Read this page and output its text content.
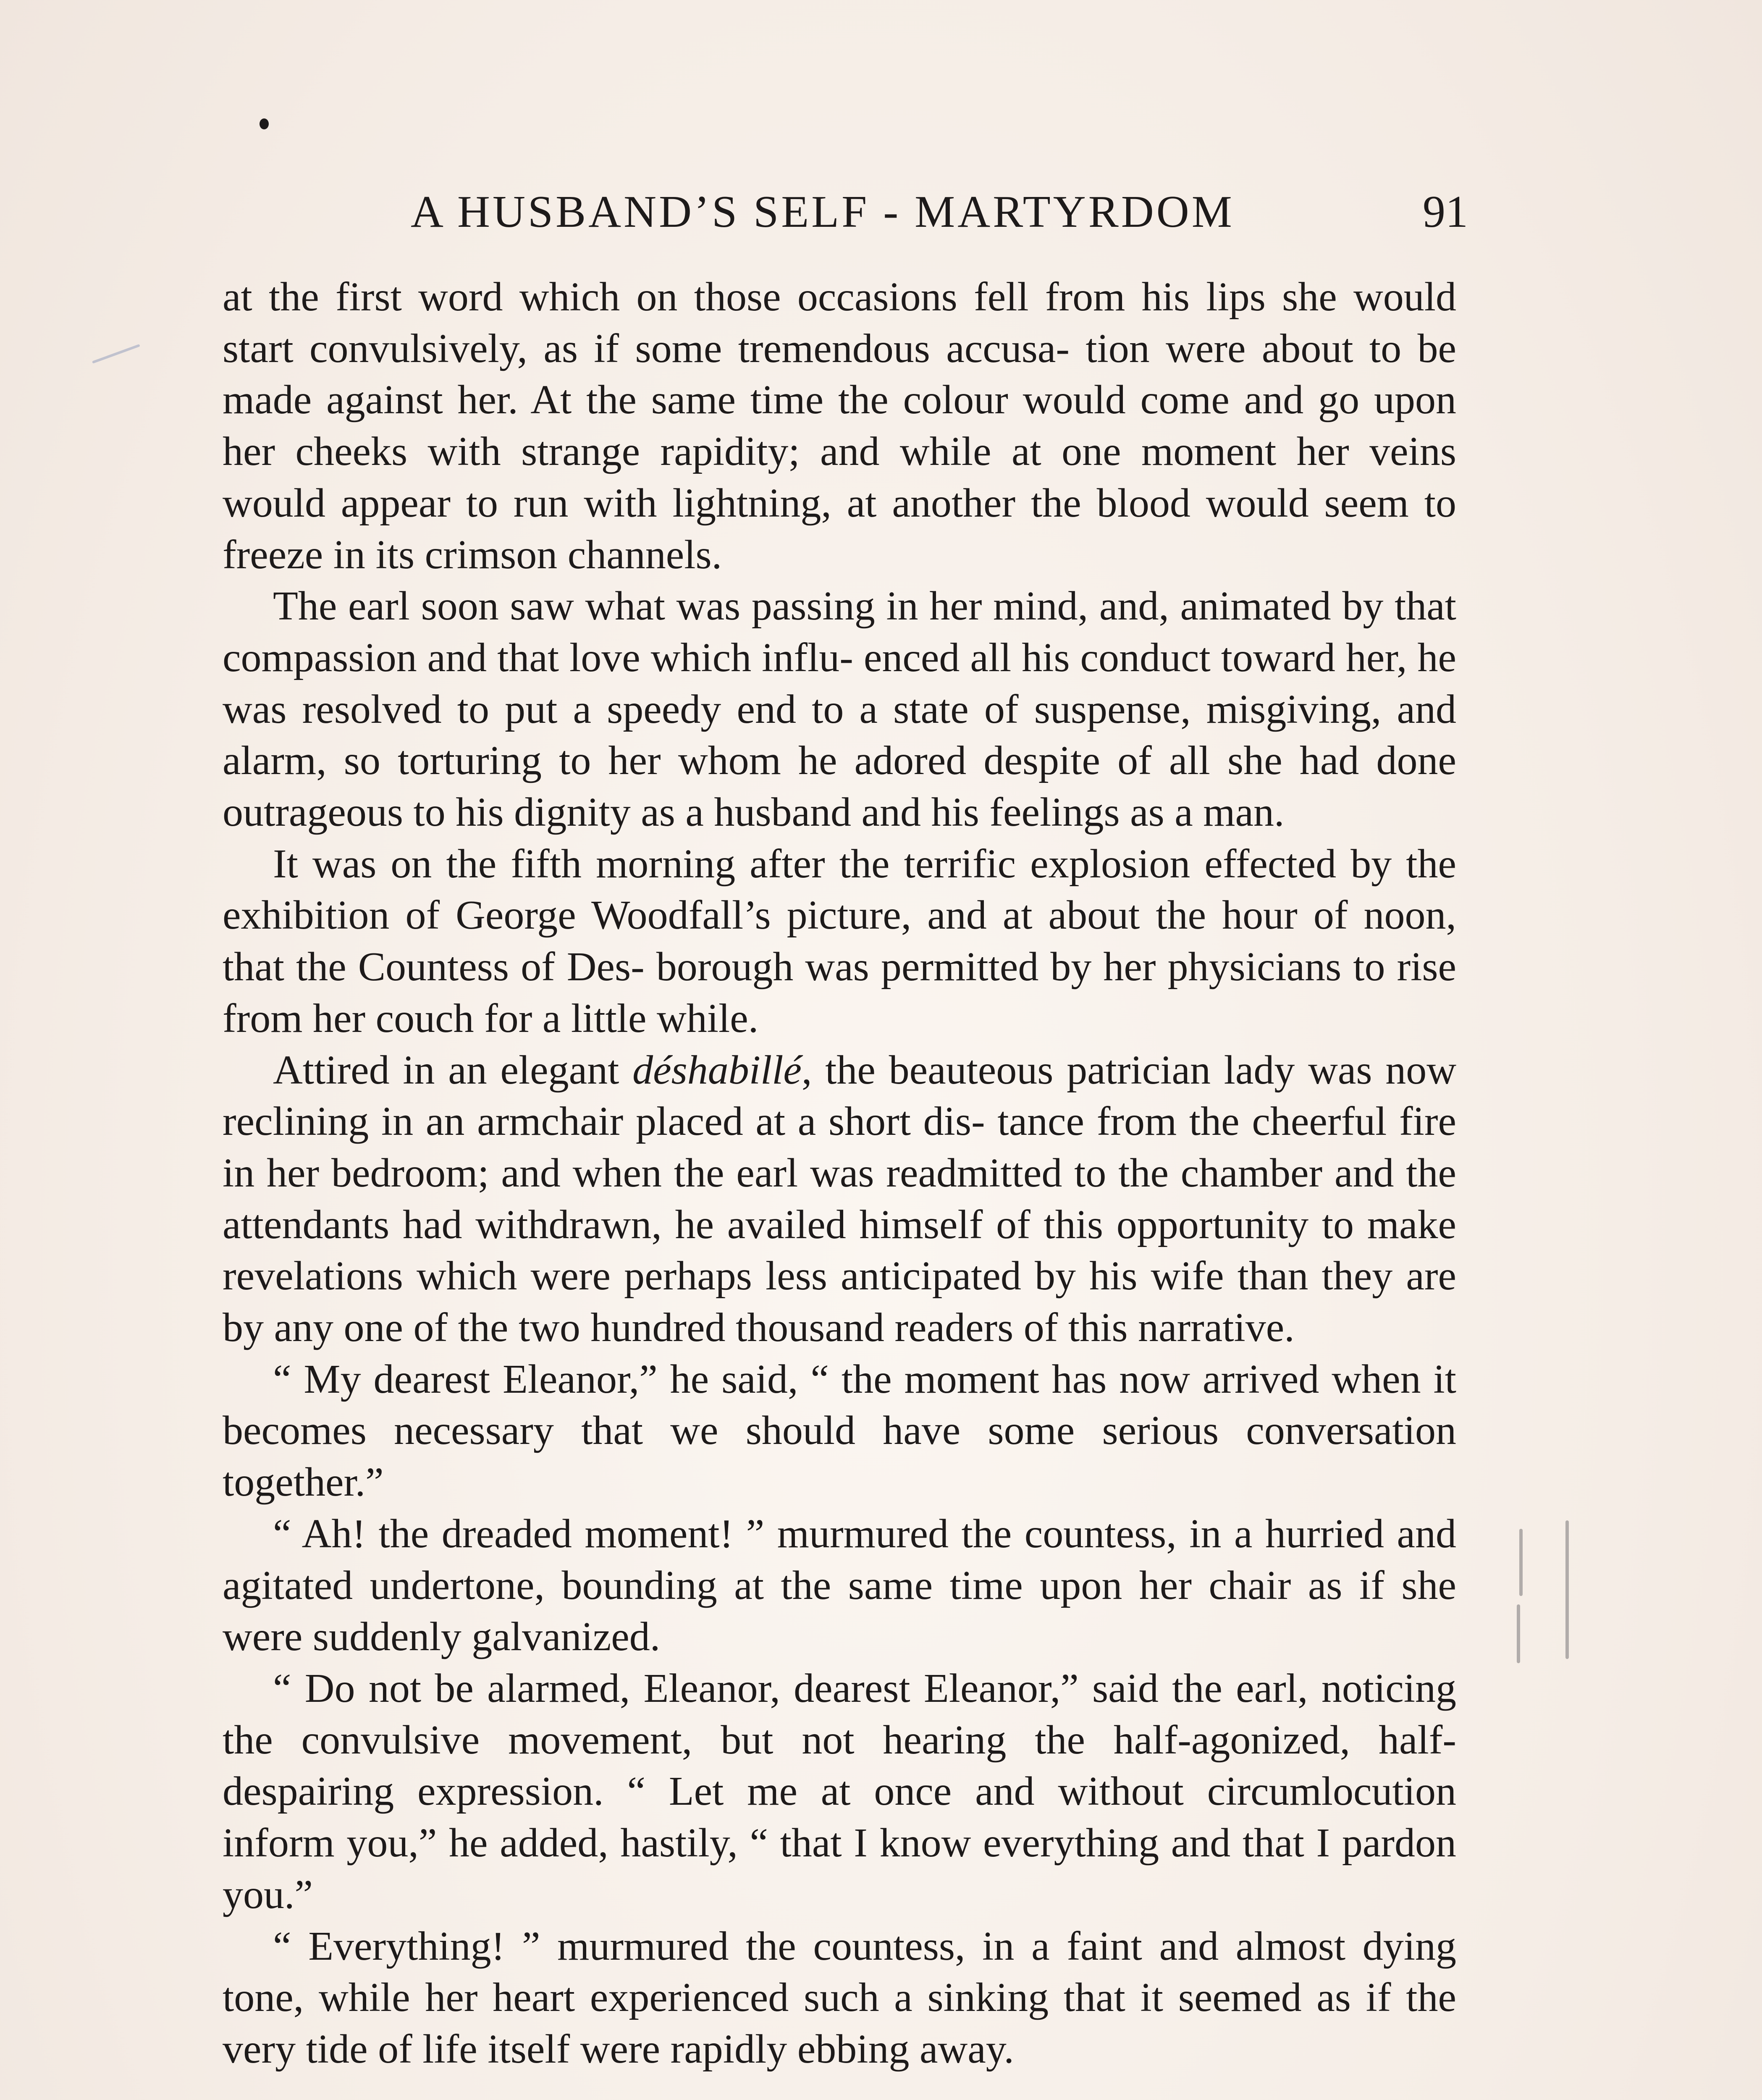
A HUSBAND’S SELF - MARTYRDOM	91

at the first word which on those occasions fell from his lips she would start convulsively, as if some tremendous accusa- tion were about to be made against her. At the same time the colour would come and go upon her cheeks with strange rapidity; and while at one moment her veins would appear to run with lightning, at another the blood would seem to freeze in its crimson channels.

The earl soon saw what was passing in her mind, and, animated by that compassion and that love which influ- enced all his conduct toward her, he was resolved to put a speedy end to a state of suspense, misgiving, and alarm, so torturing to her whom he adored despite of all she had done outrageous to his dignity as a husband and his feelings as a man.

It was on the fifth morning after the terrific explosion effected by the exhibition of George Woodfall’s picture, and at about the hour of noon, that the Countess of Des- borough was permitted by her physicians to rise from her couch for a little while.

Attired in an elegant déshabillé, the beauteous patrician lady was now reclining in an armchair placed at a short dis- tance from the cheerful fire in her bedroom; and when the earl was readmitted to the chamber and the attendants had withdrawn, he availed himself of this opportunity to make revelations which were perhaps less anticipated by his wife than they are by any one of the two hundred thousand readers of this narrative.

“ My dearest Eleanor,” he said, “ the moment has now arrived when it becomes necessary that we should have some serious conversation together.”

“ Ah! the dreaded moment! ” murmured the countess, in a hurried and agitated undertone, bounding at the same time upon her chair as if she were suddenly galvanized.

“ Do not be alarmed, Eleanor, dearest Eleanor,” said the earl, noticing the convulsive movement, but not hearing the half-agonized, half-despairing expression. “ Let me at once and without circumlocution inform you,” he added, hastily, “ that I know everything and that I pardon you.”

“ Everything! ” murmured the countess, in a faint and almost dying tone, while her heart experienced such a sinking that it seemed as if the very tide of life itself were rapidly ebbing away.
